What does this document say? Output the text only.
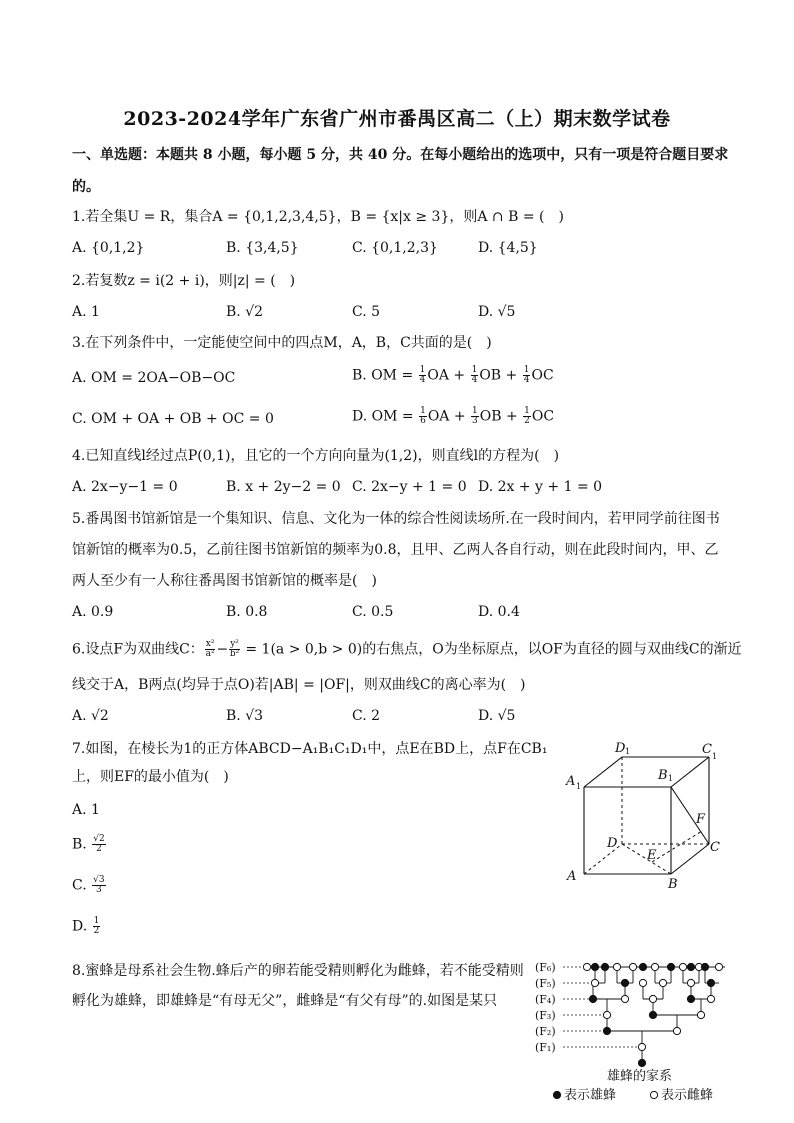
2023-2024学年广东省广州市番禺区高二（上）期末数学试卷
一、单选题：本题共 8 小题，每小题 5 分，共 40 分。在每小题给出的选项中，只有一项是符合题目要求
的。
1.若全集U = R，集合A = {0,1,2,3,4,5}，B = {x|x ≥ 3}，则A ∩ B = (　)
A. {0,1,2}	B. {3,4,5}	C. {0,1,2,3}	D. {4,5}
2.若复数z = i(2 + i)，则|z| = (　)
A. 1	B. √2	C. 5	D. √5
3.在下列条件中，一定能使空间中的四点M，A，B，C共面的是(　)
A. OM = 2OA−OB−OC	B. OM = $\frac{1}{4}$ OA + $\frac{1}{4}$ OB + $\frac{1}{4}$ OC
C. OM + OA + OB + OC = 0	D. OM = $\frac{1}{6}$ OA + $\frac{1}{3}$ OB + $\frac{1}{2}$ OC
4.已知直线l经过点P(0,1)，且它的一个方向向量为(1,2)，则直线l的方程为(　)
A. 2x−y−1 = 0	B. x + 2y−2 = 0 C. 2x−y + 1 = 0 D. 2x + y + 1 = 0
5.番禺图书馆新馆是一个集知识、信息、文化为一体的综合性阅读场所.在一段时间内，若甲同学前往图书
馆新馆的概率为0.5，乙前往图书馆新馆的频率为0.8，且甲、乙两人各自行动，则在此段时间内，甲、乙
两人至少有一人称往番禺图书馆新馆的概率是(　)
A. 0.9	B. 0.8	C. 0.5	D. 0.4
6.设点F为双曲线C： $\frac{\text{x²}}{\text{a²}} - \frac{\text{y²}}{\text{b²}} = 1(a > 0,b > 0)$的右焦点，O为坐标原点，以OF为直径的圆与双曲线C的渐近
线交于A，B两点(均异于点O)若|AB| = |OF|，则双曲线C的离心率为(　)
A. √2	B. √3	C. 2	D. √5
7.如图，在棱长为1的正方体ABCD−A₁B₁C₁D₁中，点E在BD上，点F在CB₁
上，则EF的最小值为(　)
A. 1
B. $\frac{√2}{2}$
C. $\frac{√3}{3}$
D. $\frac{1}{2}$
A
B
C
D
A	B
C
D
E
F
1
1
1
1
8.蜜蜂是母系社会生物.蜂后产的卵若能受精则孵化为雌蜂，若不能受精则
孵化为雄蜂，即雄蜂是“有母无父”，雌蜂是“有父有母”的.如图是某只
(F₆)
(F₅)
(F₄)
(F₃)
(F₂)
(F₁)
雄蜂的家系
表示雄蜂	表示雌蜂
